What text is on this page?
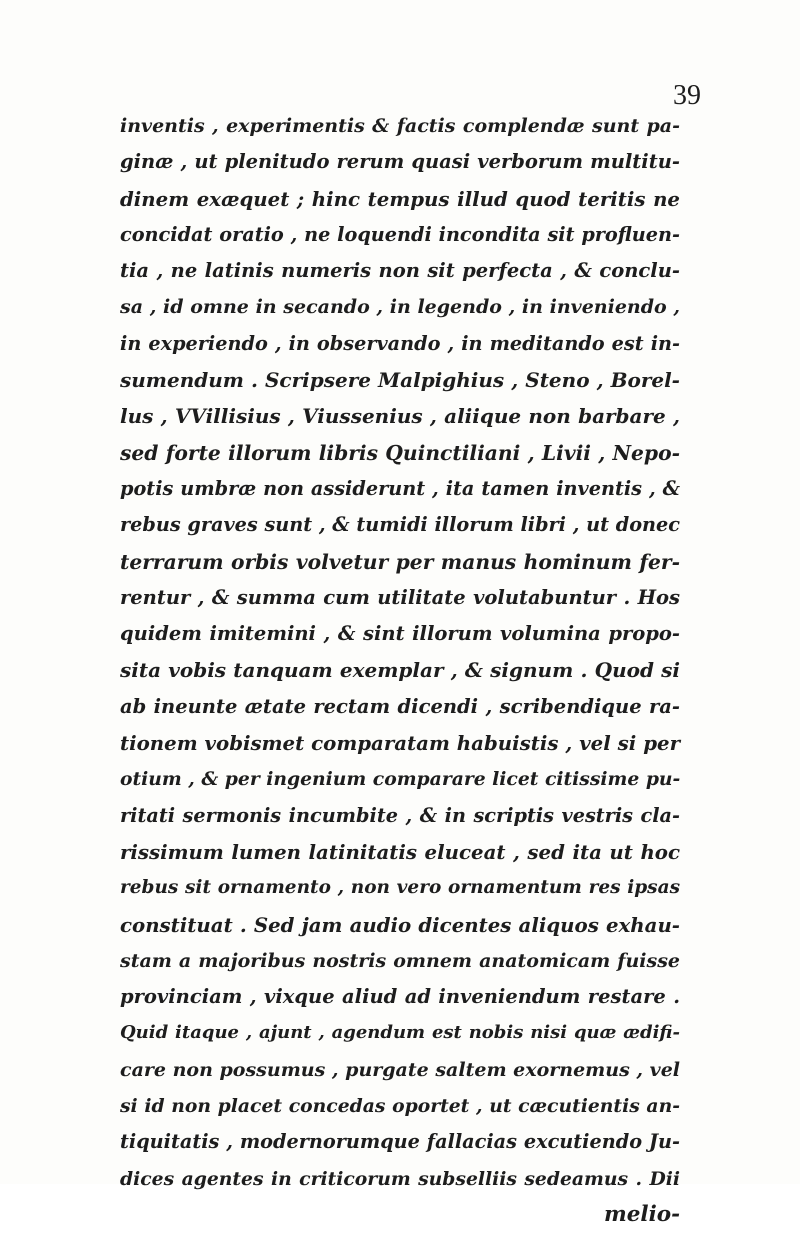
39
inventis , experimentis & factis complendæ sunt pa-
ginæ , ut plenitudo rerum quasi verborum multitu-
dinem exæquet ; hinc tempus illud quod teritis ne
concidat oratio , ne loquendi incondita sit profluen-
tia , ne latinis numeris non sit perfecta , & conclu-
sa , id omne in secando , in legendo , in inveniendo ,
in experiendo , in observando , in meditando est in-
sumendum . Scripsere Malpighius , Steno , Borel-
lus , VVillisius , Viussenius , aliique non barbare ,
sed forte illorum libris Quinctiliani , Livii , Nepo-
potis umbræ non assiderunt , ita tamen inventis , &
rebus graves sunt , & tumidi illorum libri , ut donec
terrarum orbis volvetur per manus hominum fer-
rentur , & summa cum utilitate volutabuntur . Hos
quidem imitemini , & sint illorum volumina propo-
sita vobis tanquam exemplar , & signum . Quod si
ab ineunte ætate rectam dicendi , scribendique ra-
tionem vobismet comparatam habuistis , vel si per
otium , & per ingenium comparare licet citissime pu-
ritati sermonis incumbite , & in scriptis vestris cla-
rissimum lumen latinitatis eluceat , sed ita ut hoc
rebus sit ornamento , non vero ornamentum res ipsas
constituat . Sed jam audio dicentes aliquos exhau-
stam a majoribus nostris omnem anatomicam fuisse
provinciam , vixque aliud ad inveniendum restare .
Quid itaque , ajunt , agendum est nobis nisi quæ ædifi-
care non possumus , purgate saltem exornemus , vel
si id non placet concedas oportet , ut cæcutientis an-
tiquitatis , modernorumque fallacias excutiendo Ju-
dices agentes in criticorum subselliis sedeamus . Dii
melio-
